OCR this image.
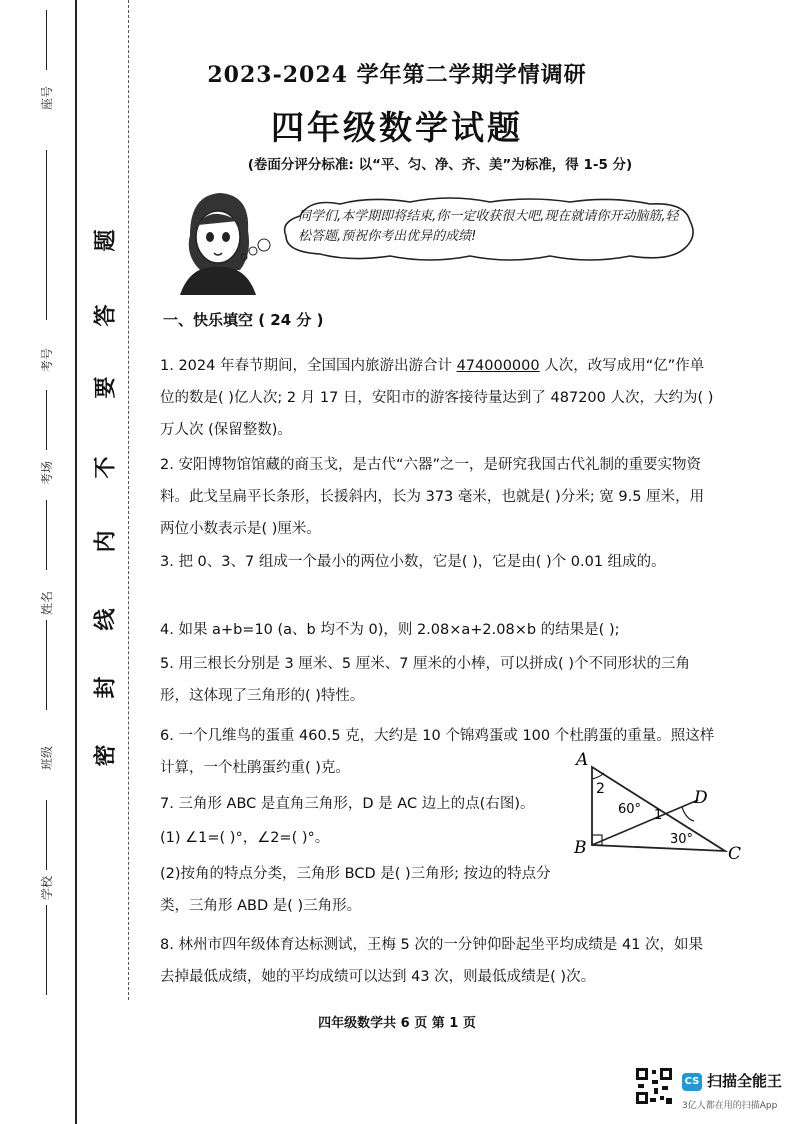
座号
考号
考场
姓名
班级
学校
密
封
线
内
不
要
答
题
2023-2024 学年第二学期学情调研
四年级数学试题
(卷面分评分标准: 以“平、匀、净、齐、美”为标准，得 1-5 分)
同学们,本学期即将结束,你一定收获很大吧,现在就请你开动脑筋,轻松答题,预祝你考出优异的成绩!
一、快乐填空 ( 24 分 )
1. 2024 年春节期间，全国国内旅游出游合计 474000000 人次，改写成用“亿”作单位的数是( )亿人次; 2 月 17 日，安阳市的游客接待量达到了 487200 人次，大约为( )万人次 (保留整数)。
2. 安阳博物馆馆藏的商玉戈，是古代“六器”之一，是研究我国古代礼制的重要实物资料。此戈呈扁平长条形，长援斜内，长为 373 毫米，也就是( )分米; 宽 9.5 厘米，用两位小数表示是( )厘米。
3. 把 0、3、7 组成一个最小的两位小数，它是( )，它是由( )个 0.01 组成的。
4. 如果 a+b=10 (a、b 均不为 0)，则 2.08×a+2.08×b 的结果是( );
5. 用三根长分别是 3 厘米、5 厘米、7 厘米的小棒，可以拼成( )个不同形状的三角形，这体现了三角形的( )特性。
6. 一个几维鸟的蛋重 460.5 克，大约是 10 个锦鸡蛋或 100 个杜鹃蛋的重量。照这样计算，一个杜鹃蛋约重( )克。
7. 三角形 ABC 是直角三角形，D 是 AC 边上的点(右图)。
(1) ∠1=( )°，∠2=( )°。
(2)按角的特点分类，三角形 BCD 是( )三角形; 按边的特点分类，三角形 ABD 是( )三角形。
8. 林州市四年级体育达标测试，王梅 5 次的一分钟仰卧起坐平均成绩是 41 次，如果去掉最低成绩，她的平均成绩可以达到 43 次，则最低成绩是( )次。
A
B	C
D
2
1
60°
30°
四年级数学共 6 页 第 1 页
CS 扫描全能王
3亿人都在用的扫描App
